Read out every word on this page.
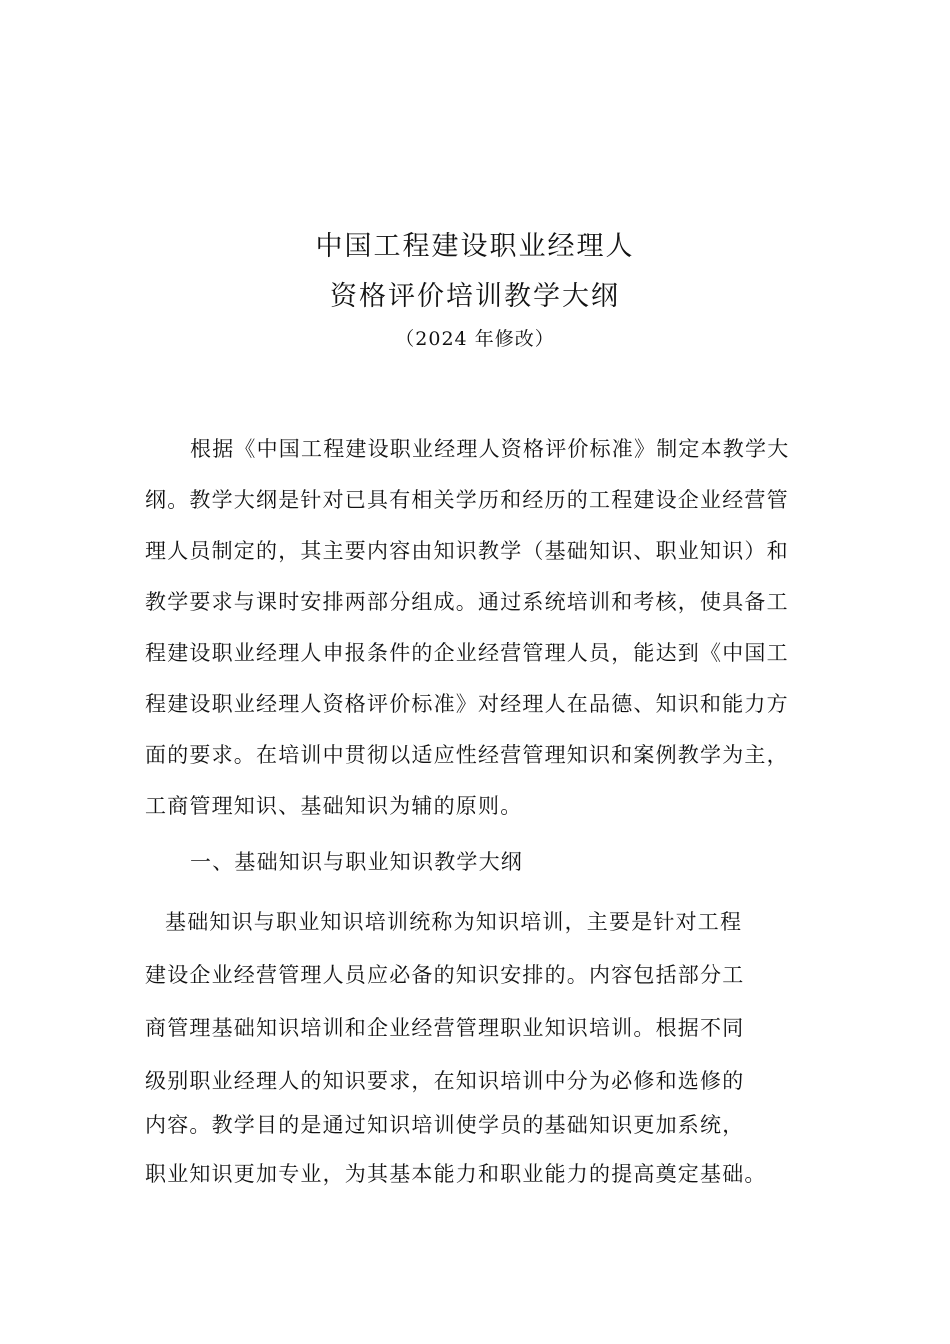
中国工程建设职业经理人
资格评价培训教学大纲
（2024 年修改）
根据《中国工程建设职业经理人资格评价标准》制定本教学大
纲。教学大纲是针对已具有相关学历和经历的工程建设企业经营管
理人员制定的，其主要内容由知识教学（基础知识、职业知识）和
教学要求与课时安排两部分组成。通过系统培训和考核，使具备工
程建设职业经理人申报条件的企业经营管理人员，能达到《中国工
程建设职业经理人资格评价标准》对经理人在品德、知识和能力方
面的要求。在培训中贯彻以适应性经营管理知识和案例教学为主，
工商管理知识、基础知识为辅的原则。
一、基础知识与职业知识教学大纲
基础知识与职业知识培训统称为知识培训，主要是针对工程
建设企业经营管理人员应必备的知识安排的。内容包括部分工
商管理基础知识培训和企业经营管理职业知识培训。根据不同
级别职业经理人的知识要求，在知识培训中分为必修和选修的
内容。教学目的是通过知识培训使学员的基础知识更加系统，
职业知识更加专业，为其基本能力和职业能力的提高奠定基础。
